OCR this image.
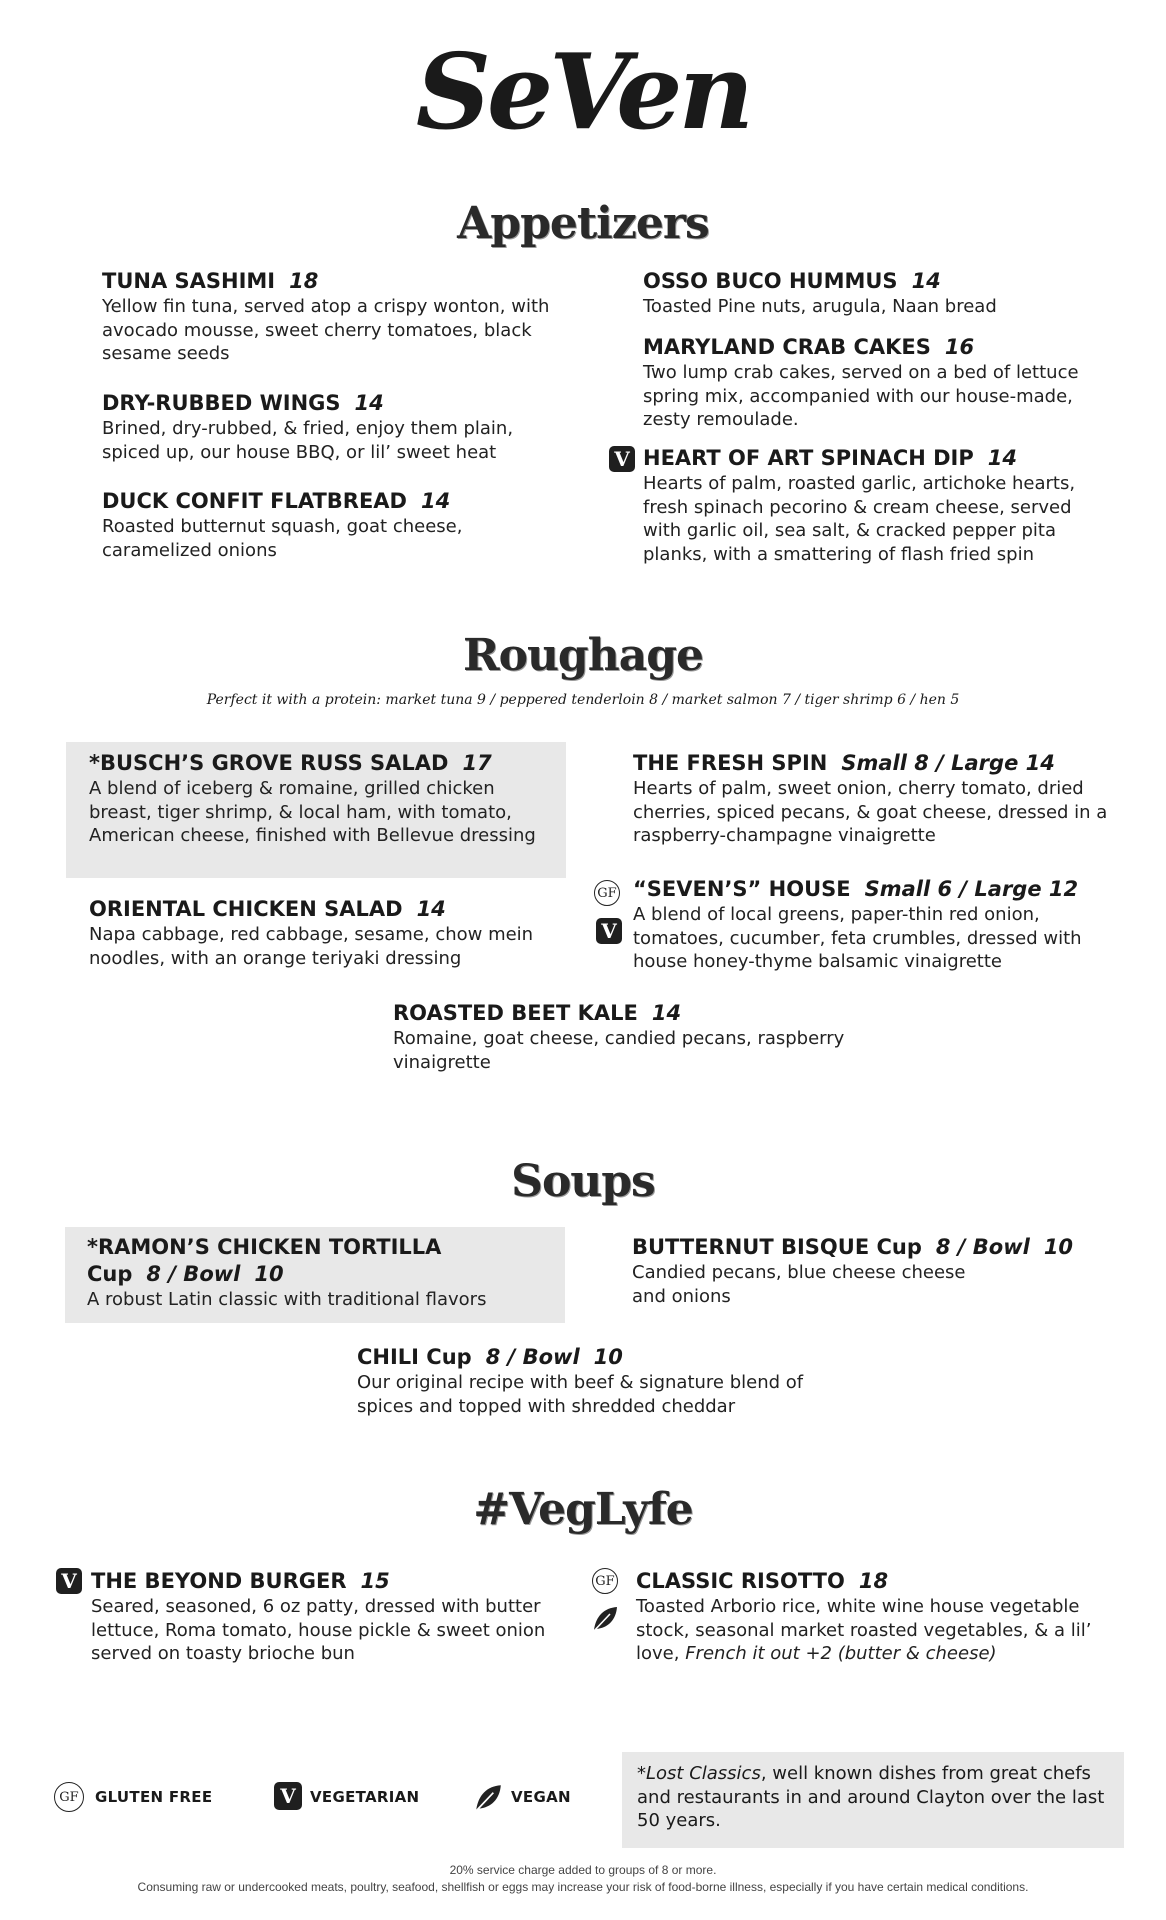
SeVen
Appetizers
TUNA SASHIMI 18
Yellow fin tuna, served atop a crispy wonton, with avocado mousse, sweet cherry tomatoes, black sesame seeds
DRY-RUBBED WINGS 14
Brined, dry-rubbed, & fried, enjoy them plain, spiced up, our house BBQ, or lil’ sweet heat
DUCK CONFIT FLATBREAD 14
Roasted butternut squash, goat cheese, caramelized onions
OSSO BUCO HUMMUS 14
Toasted Pine nuts, arugula, Naan bread
MARYLAND CRAB CAKES 16
Two lump crab cakes, served on a bed of lettuce spring mix, accompanied with our house-made, zesty remoulade.
V HEART OF ART SPINACH DIP 14
Hearts of palm, roasted garlic, artichoke hearts, fresh spinach pecorino & cream cheese, served with garlic oil, sea salt, & cracked pepper pita planks, with a smattering of flash fried spin
Roughage
Perfect it with a protein: market tuna 9 / peppered tenderloin 8 / market salmon 7 / tiger shrimp 6 / hen 5
*BUSCH’S GROVE RUSS SALAD 17
A blend of iceberg & romaine, grilled chicken breast, tiger shrimp, & local ham, with tomato, American cheese, finished with Bellevue dressing
ORIENTAL CHICKEN SALAD 14
Napa cabbage, red cabbage, sesame, chow mein noodles, with an orange teriyaki dressing
THE FRESH SPIN Small 8 / Large 14
Hearts of palm, sweet onion, cherry tomato, dried cherries, spiced pecans, & goat cheese, dressed in a raspberry-champagne vinaigrette
GF
V
“SEVEN’S” HOUSE Small 6 / Large 12
A blend of local greens, paper-thin red onion, tomatoes, cucumber, feta crumbles, dressed with house honey-thyme balsamic vinaigrette
ROASTED BEET KALE 14
Romaine, goat cheese, candied pecans, raspberry vinaigrette
Soups
*RAMON’S CHICKEN TORTILLA
Cup 8 / Bowl 10
A robust Latin classic with traditional flavors
BUTTERNUT BISQUE Cup 8 / Bowl 10
Candied pecans, blue cheese cheese and onions
CHILI Cup 8 / Bowl 10
Our original recipe with beef & signature blend of spices and topped with shredded cheddar
#VegLyfe
V THE BEYOND BURGER 15
Seared, seasoned, 6 oz patty, dressed with butter lettuce, Roma tomato, house pickle & sweet onion served on toasty brioche bun
GF CLASSIC RISOTTO 18
Toasted Arborio rice, white wine house vegetable stock, seasonal market roasted vegetables, & a lil’ love, French it out +2 (butter & cheese)
GF	GLUTEN FREE	V VEGETARIAN	VEGAN
*Lost Classics, well known dishes from great chefs and restaurants in and around Clayton over the last 50 years.
20% service charge added to groups of 8 or more.
Consuming raw or undercooked meats, poultry, seafood, shellfish or eggs may increase your risk of food-borne illness, especially if you have certain medical conditions.
